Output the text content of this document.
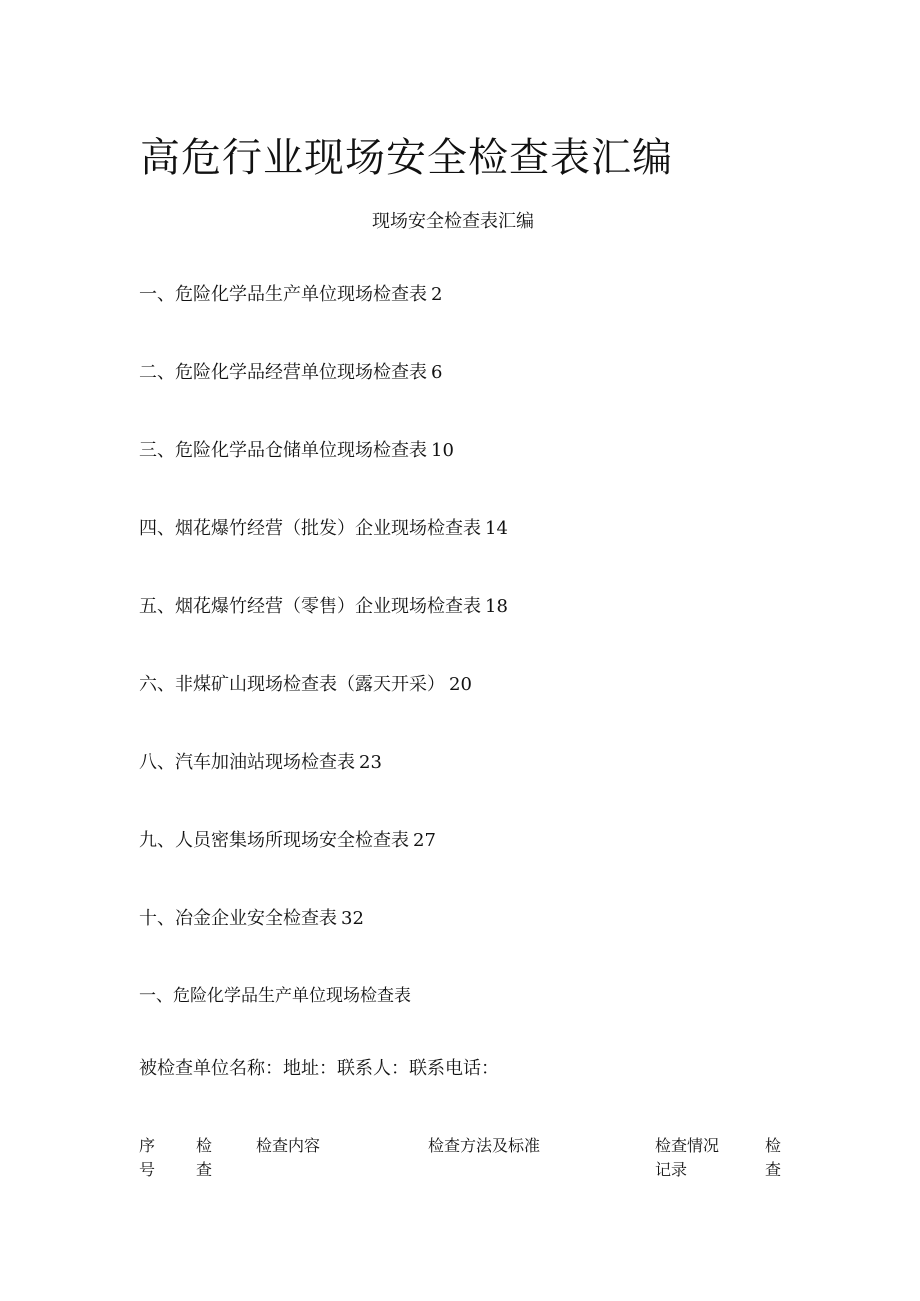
高危行业现场安全检查表汇编
现场安全检查表汇编
一、危险化学品生产单位现场检查表 2
二、危险化学品经营单位现场检查表 6
三、危险化学品仓储单位现场检查表 10
四、烟花爆竹经营（批发）企业现场检查表 14
五、烟花爆竹经营（零售）企业现场检查表 18
六、非煤矿山现场检查表（露天开采） 20
八、汽车加油站现场检查表 23
九、人员密集场所现场安全检查表 27
十、冶金企业安全检查表 32
一、危险化学品生产单位现场检查表
被检查单位名称：地址：联系人：联系电话：
序号
检查
检查内容	检查方法及标准	检查情况记录
检查
